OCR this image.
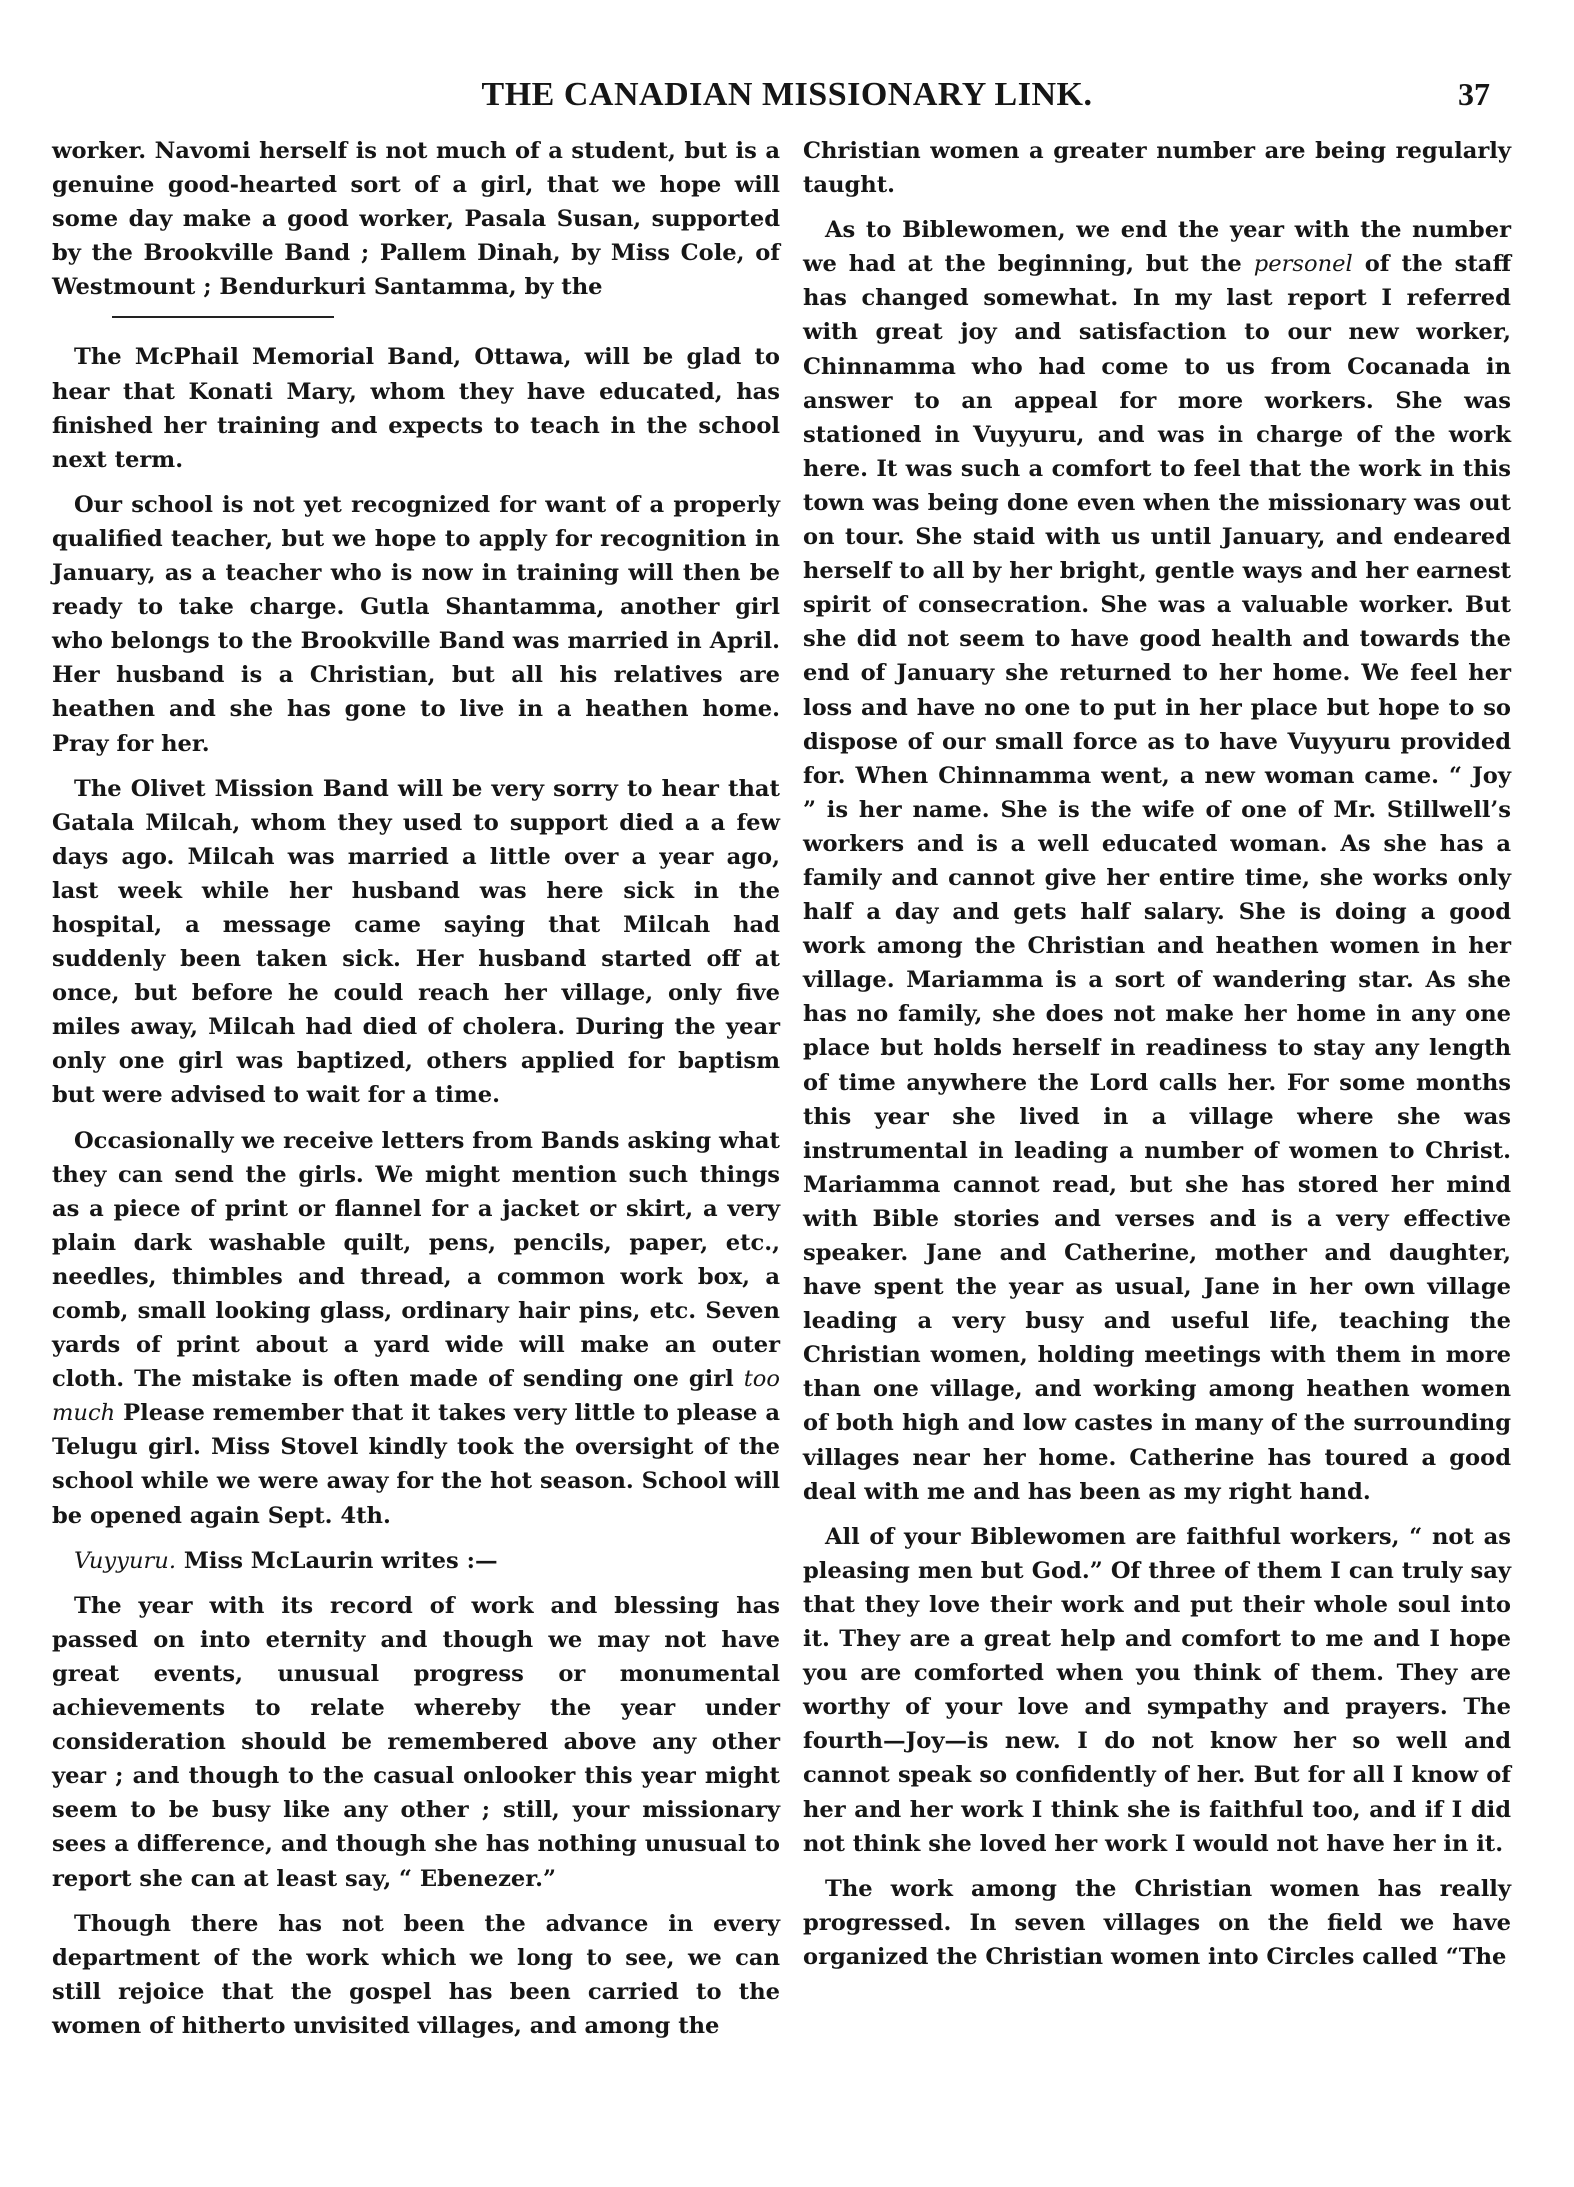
THE CANADIAN MISSIONARY LINK.	37

worker. Navomi herself is not much of a student, but is a genuine good-hearted sort of a girl, that we hope will some day make a good worker, Pasala Susan, supported by the Brookville Band ; Pallem Dinah, by Miss Cole, of Westmount ; Bendurkuri Santamma, by the

The McPhail Memorial Band, Ottawa, will be glad to hear that Konati Mary, whom they have educated, has finished her training and expects to teach in the school next term.

Our school is not yet recognized for want of a properly qualified teacher, but we hope to apply for recognition in January, as a teacher who is now in training will then be ready to take charge. Gutla Shantamma, another girl who belongs to the Brookville Band was married in April. Her husband is a Christian, but all his relatives are heathen and she has gone to live in a heathen home. Pray for her.

The Olivet Mission Band will be very sorry to hear that Gatala Milcah, whom they used to support died a a few days ago. Milcah was married a little over a year ago, last week while her husband was here sick in the hospital, a message came saying that Milcah had suddenly been taken sick. Her husband started off at once, but before he could reach her village, only five miles away, Milcah had died of cholera. During the year only one girl was baptized, others applied for baptism but were advised to wait for a time.

Occasionally we receive letters from Bands asking what they can send the girls. We might mention such things as a piece of print or flannel for a jacket or skirt, a very plain dark washable quilt, pens, pencils, paper, etc., needles, thimbles and thread, a common work box, a comb, small looking glass, ordinary hair pins, etc. Seven yards of print about a yard wide will make an outer cloth. The mistake is often made of sending one girl too much Please remember that it takes very little to please a Telugu girl. Miss Stovel kindly took the oversight of the school while we were away for the hot season. School will be opened again Sept. 4th.

Vuyyuru. Miss McLaurin writes :—

The year with its record of work and blessing has passed on into eternity and though we may not have great events, unusual progress or monumental achievements to relate whereby the year under consideration should be remembered above any other year ; and though to the casual onlooker this year might seem to be busy like any other ; still, your missionary sees a difference, and though she has nothing unusual to report she can at least say, “ Ebenezer.”

Though there has not been the advance in every department of the work which we long to see, we can still rejoice that the gospel has been carried to the women of hitherto unvisited villages, and among the

Christian women a greater number are being regularly taught.

As to Biblewomen, we end the year with the number we had at the beginning, but the personel of the staff has changed somewhat. In my last report I referred with great joy and satisfaction to our new worker, Chinnamma who had come to us from Cocanada in answer to an appeal for more workers. She was stationed in Vuyyuru, and was in charge of the work here. It was such a comfort to feel that the work in this town was being done even when the missionary was out on tour. She staid with us until January, and endeared herself to all by her bright, gentle ways and her earnest spirit of consecration. She was a valuable worker. But she did not seem to have good health and towards the end of January she returned to her home. We feel her loss and have no one to put in her place but hope to so dispose of our small force as to have Vuyyuru provided for. When Chinnamma went, a new woman came. “ Joy ” is her name. She is the wife of one of Mr. Stillwell’s workers and is a well educated woman. As she has a family and cannot give her entire time, she works only half a day and gets half salary. She is doing a good work among the Christian and heathen women in her village. Mariamma is a sort of wandering star. As she has no family, she does not make her home in any one place but holds herself in readiness to stay any length of time anywhere the Lord calls her. For some months this year she lived in a village where she was instrumental in leading a number of women to Christ. Mariamma cannot read, but she has stored her mind with Bible stories and verses and is a very effective speaker. Jane and Catherine, mother and daughter, have spent the year as usual, Jane in her own village leading a very busy and useful life, teaching the Christian women, holding meetings with them in more than one village, and working among heathen women of both high and low castes in many of the surrounding villages near her home. Catherine has toured a good deal with me and has been as my right hand.

All of your Biblewomen are faithful workers, “ not as pleasing men but God.” Of three of them I can truly say that they love their work and put their whole soul into it. They are a great help and comfort to me and I hope you are comforted when you think of them. They are worthy of your love and sympathy and prayers. The fourth—Joy—is new. I do not know her so well and cannot speak so confidently of her. But for all I know of her and her work I think she is faithful too, and if I did not think she loved her work I would not have her in it.

The work among the Christian women has really progressed. In seven villages on the field we have organized the Christian women into Circles called “The
